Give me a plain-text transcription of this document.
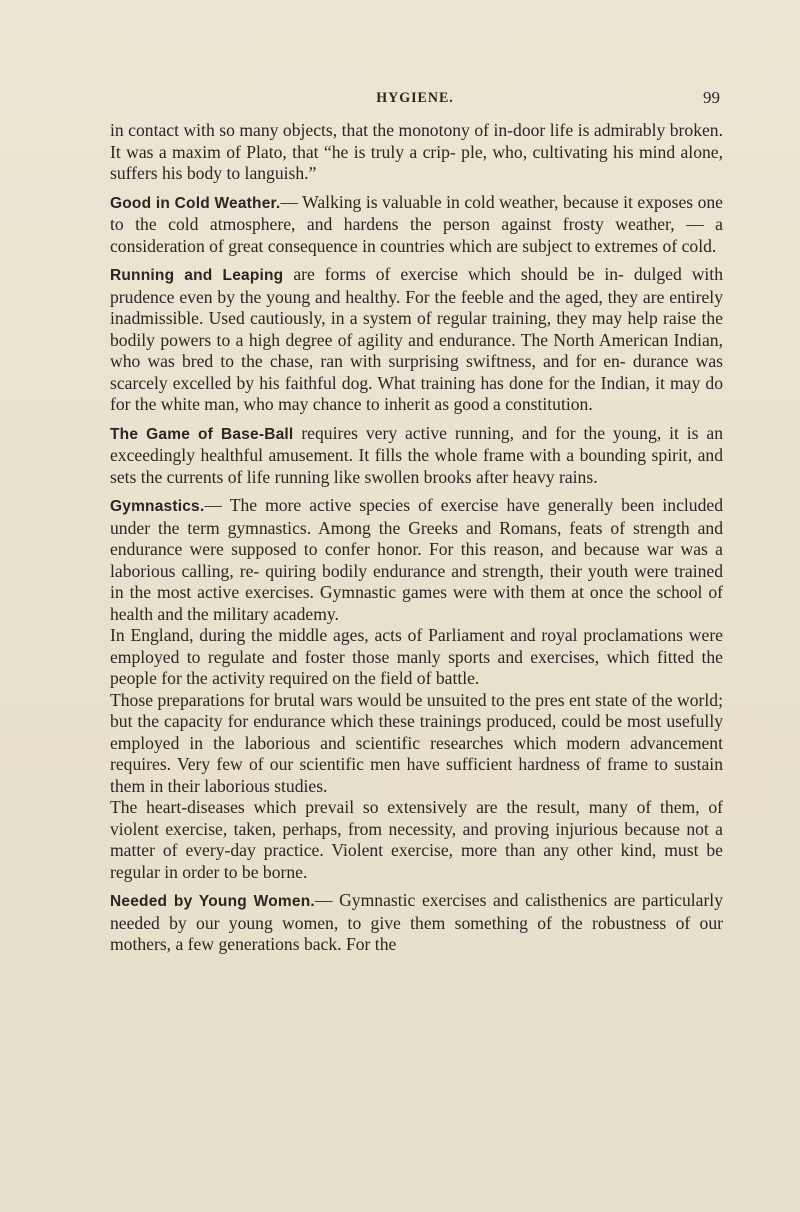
HYGIENE.	99

in contact with so many objects, that the monotony of in-door life is admirably broken. It was a maxim of Plato, that “he is truly a crip- ple, who, cultivating his mind alone, suffers his body to languish.”

Good in Cold Weather.— Walking is valuable in cold weather, because it exposes one to the cold atmosphere, and hardens the person against frosty weather, — a consideration of great consequence in countries which are subject to extremes of cold.

Running and Leaping are forms of exercise which should be in- dulged with prudence even by the young and healthy. For the feeble and the aged, they are entirely inadmissible. Used cautiously, in a system of regular training, they may help raise the bodily powers to a high degree of agility and endurance. The North American Indian, who was bred to the chase, ran with surprising swiftness, and for en- durance was scarcely excelled by his faithful dog. What training has done for the Indian, it may do for the white man, who may chance to inherit as good a constitution.

The Game of Base-Ball requires very active running, and for the young, it is an exceedingly healthful amusement. It fills the whole frame with a bounding spirit, and sets the currents of life running like swollen brooks after heavy rains.

Gymnastics.— The more active species of exercise have generally been included under the term gymnastics. Among the Greeks and Romans, feats of strength and endurance were supposed to confer honor. For this reason, and because war was a laborious calling, re- quiring bodily endurance and strength, their youth were trained in the most active exercises. Gymnastic games were with them at once the school of health and the military academy.

In England, during the middle ages, acts of Parliament and royal proclamations were employed to regulate and foster those manly sports and exercises, which fitted the people for the activity required on the field of battle.

Those preparations for brutal wars would be unsuited to the pres ent state of the world; but the capacity for endurance which these trainings produced, could be most usefully employed in the laborious and scientific researches which modern advancement requires. Very few of our scientific men have sufficient hardness of frame to sustain them in their laborious studies.

The heart-diseases which prevail so extensively are the result, many of them, of violent exercise, taken, perhaps, from necessity, and proving injurious because not a matter of every-day practice. Violent exercise, more than any other kind, must be regular in order to be borne.

Needed by Young Women.— Gymnastic exercises and calisthenics are particularly needed by our young women, to give them something of the robustness of our mothers, a few generations back. For the
